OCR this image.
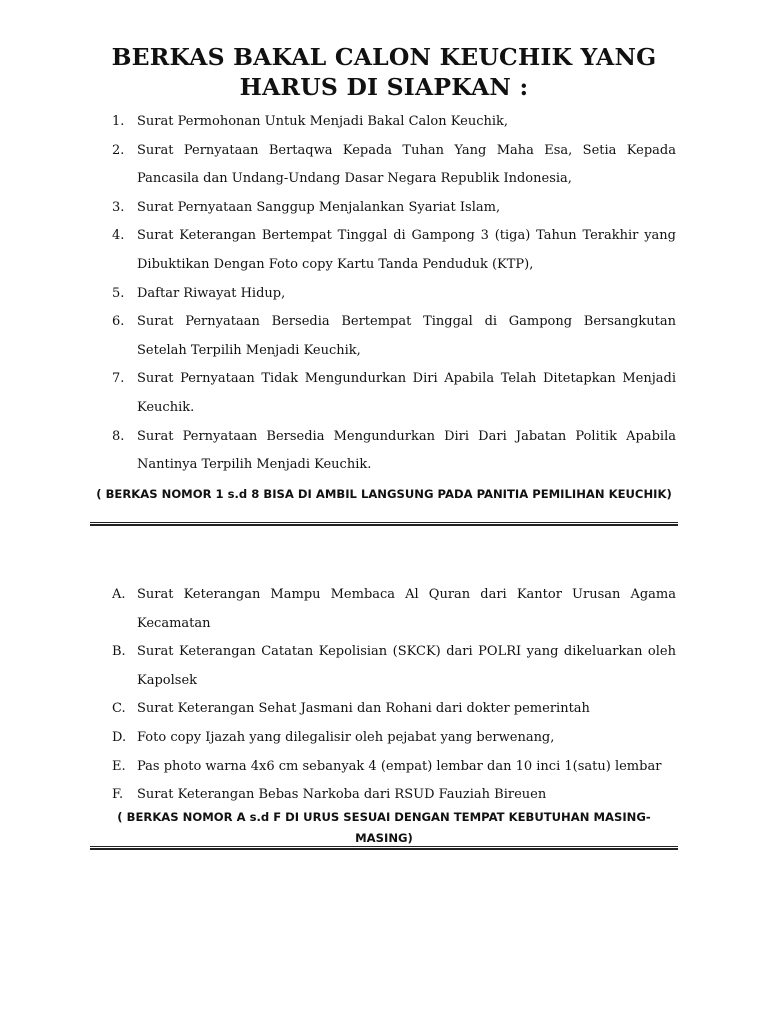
BERKAS BAKAL CALON KEUCHIK YANG HARUS DI SIAPKAN :
1. Surat Permohonan Untuk Menjadi Bakal Calon Keuchik,
2. Surat Pernyataan Bertaqwa Kepada Tuhan Yang Maha Esa, Setia Kepada Pancasila dan Undang-Undang Dasar Negara Republik Indonesia,
3. Surat Pernyataan Sanggup Menjalankan Syariat Islam,
4. Surat Keterangan Bertempat Tinggal di Gampong 3 (tiga) Tahun Terakhir yang Dibuktikan Dengan Foto copy Kartu Tanda Penduduk (KTP),
5. Daftar Riwayat Hidup,
6. Surat Pernyataan Bersedia Bertempat Tinggal di Gampong Bersangkutan Setelah Terpilih Menjadi Keuchik,
7. Surat Pernyataan Tidak Mengundurkan Diri Apabila Telah Ditetapkan Menjadi Keuchik.
8. Surat Pernyataan Bersedia Mengundurkan Diri Dari Jabatan Politik Apabila Nantinya Terpilih Menjadi Keuchik.
( BERKAS NOMOR 1 s.d 8 BISA DI AMBIL LANGSUNG PADA PANITIA PEMILIHAN KEUCHIK)
A. Surat Keterangan Mampu Membaca Al Quran dari Kantor Urusan Agama Kecamatan
B. Surat Keterangan Catatan Kepolisian (SKCK) dari POLRI yang dikeluarkan oleh Kapolsek
C. Surat Keterangan Sehat Jasmani dan Rohani dari dokter pemerintah
D. Foto copy Ijazah yang dilegalisir oleh pejabat yang berwenang,
E. Pas photo warna 4x6 cm sebanyak 4 (empat) lembar dan 10 inci 1(satu) lembar
F. Surat Keterangan Bebas Narkoba dari RSUD Fauziah Bireuen
( BERKAS NOMOR A s.d F DI URUS SESUAI DENGAN TEMPAT KEBUTUHAN MASING-MASING)
